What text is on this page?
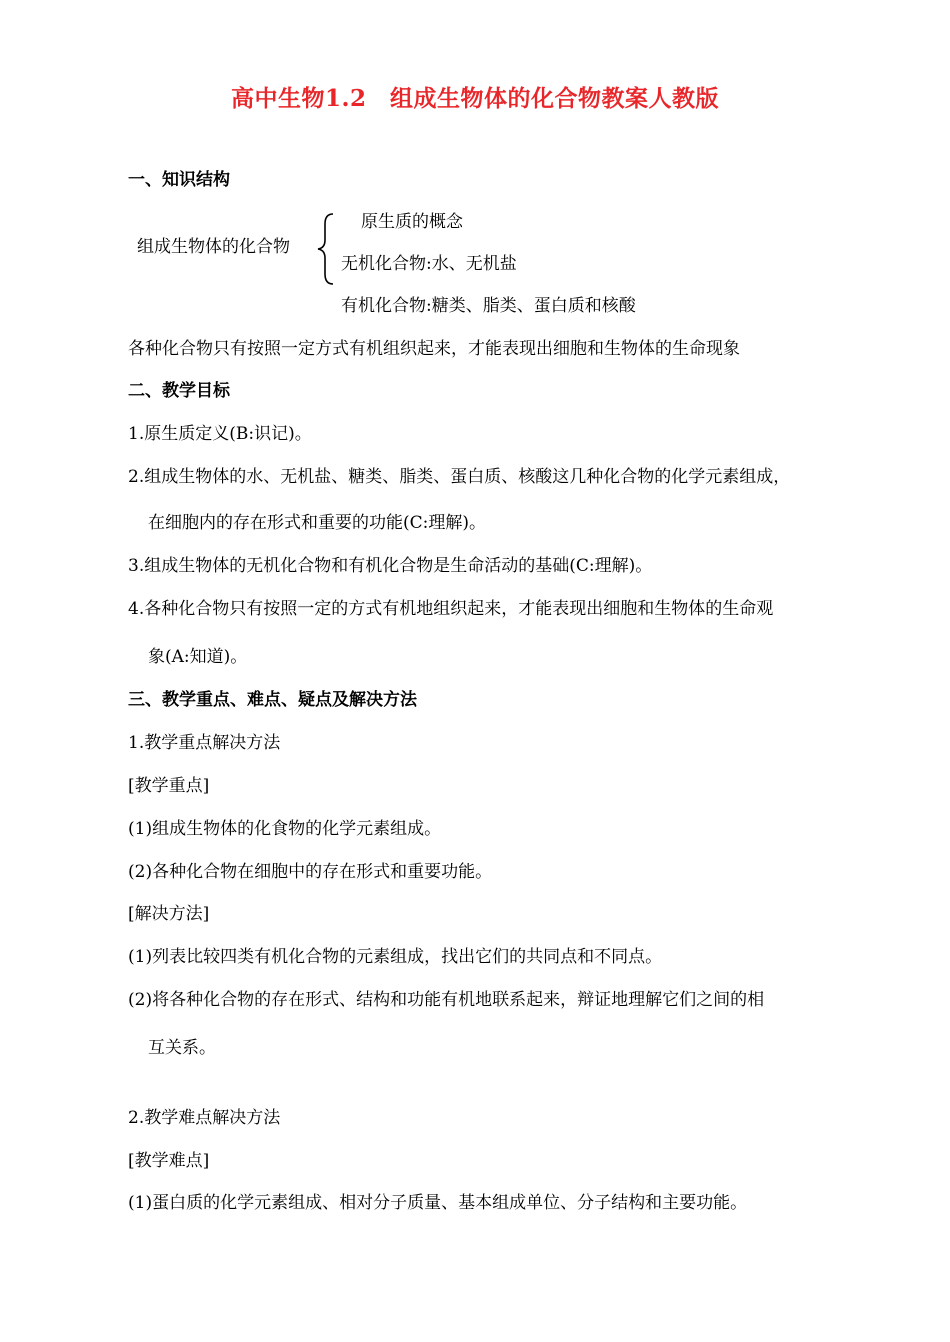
高中生物1.2　组成生物体的化合物教案人教版
一、知识结构
组成生物体的化合物
原生质的概念
无机化合物:水、无机盐
有机化合物:糖类、脂类、蛋白质和核酸
各种化合物只有按照一定方式有机组织起来，才能表现出细胞和生物体的生命现象
二、教学目标
1.原生质定义(B:识记)。
2.组成生物体的水、无机盐、糖类、脂类、蛋白质、核酸这几种化合物的化学元素组成，
在细胞内的存在形式和重要的功能(C:理解)。
3.组成生物体的无机化合物和有机化合物是生命活动的基础(C:理解)。
4.各种化合物只有按照一定的方式有机地组织起来，才能表现出细胞和生物体的生命观
象(A:知道)。
三、教学重点、难点、疑点及解决方法
1.教学重点解决方法
[教学重点]
(1)组成生物体的化食物的化学元素组成。
(2)各种化合物在细胞中的存在形式和重要功能。
[解决方法]
(1)列表比较四类有机化合物的元素组成，找出它们的共同点和不同点。
(2)将各种化合物的存在形式、结构和功能有机地联系起来，辩证地理解它们之间的相
互关系。
2.教学难点解决方法
[教学难点]
(1)蛋白质的化学元素组成、相对分子质量、基本组成单位、分子结构和主要功能。
